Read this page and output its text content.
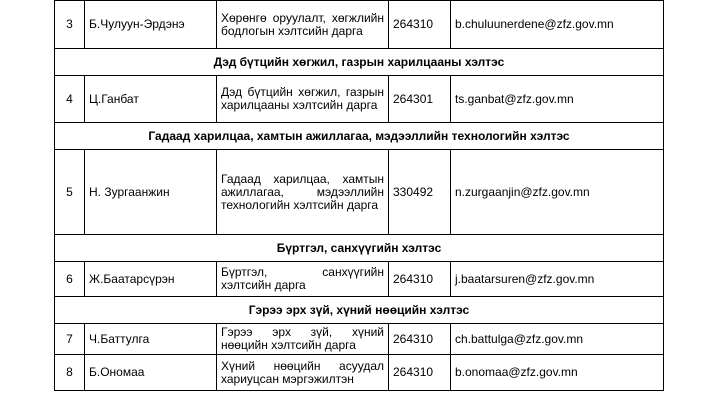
3	Б.Чулуун-Эрдэнэ	Хөрөнгө оруулалт, хөгжлийн бодлогын хэлтсийн дарга	264310	b.chuluunerdene@zfz.gov.mn
Дэд бүтцийн хөгжил, газрын харилцааны хэлтэс				
4	Ц.Ганбат	Дэд бүтцийн хөгжил, газрын харилцааны хэлтсийн дарга	264301	ts.ganbat@zfz.gov.mn
Гадаад харилцаа, хамтын ажиллагаа, мэдээллийн технологийн хэлтэс				
5	Н. Зургаанжин	Гадаад харилцаа, хамтын ажиллагаа, мэдээллийн технологийн хэлтсийн дарга	330492	n.zurgaanjin@zfz.gov.mn
Бүртгэл, санхүүгийн хэлтэс				
6	Ж.Баатарсүрэн	Бүртгэл, санхүүгийн хэлтсийн дарга	264310	j.baatarsuren@zfz.gov.mn
Гэрээ эрх зүй, хүний нөөцийн хэлтэс				
7	Ч.Баттулга	Гэрээ эрх зүй, хүний нөөцийн хэлтсийн дарга	264310	ch.battulga@zfz.gov.mn
8	Б.Ономаа	Хүний нөөцийн асуудал хариуцсан мэргэжилтэн	264310	b.onomaa@zfz.gov.mn
